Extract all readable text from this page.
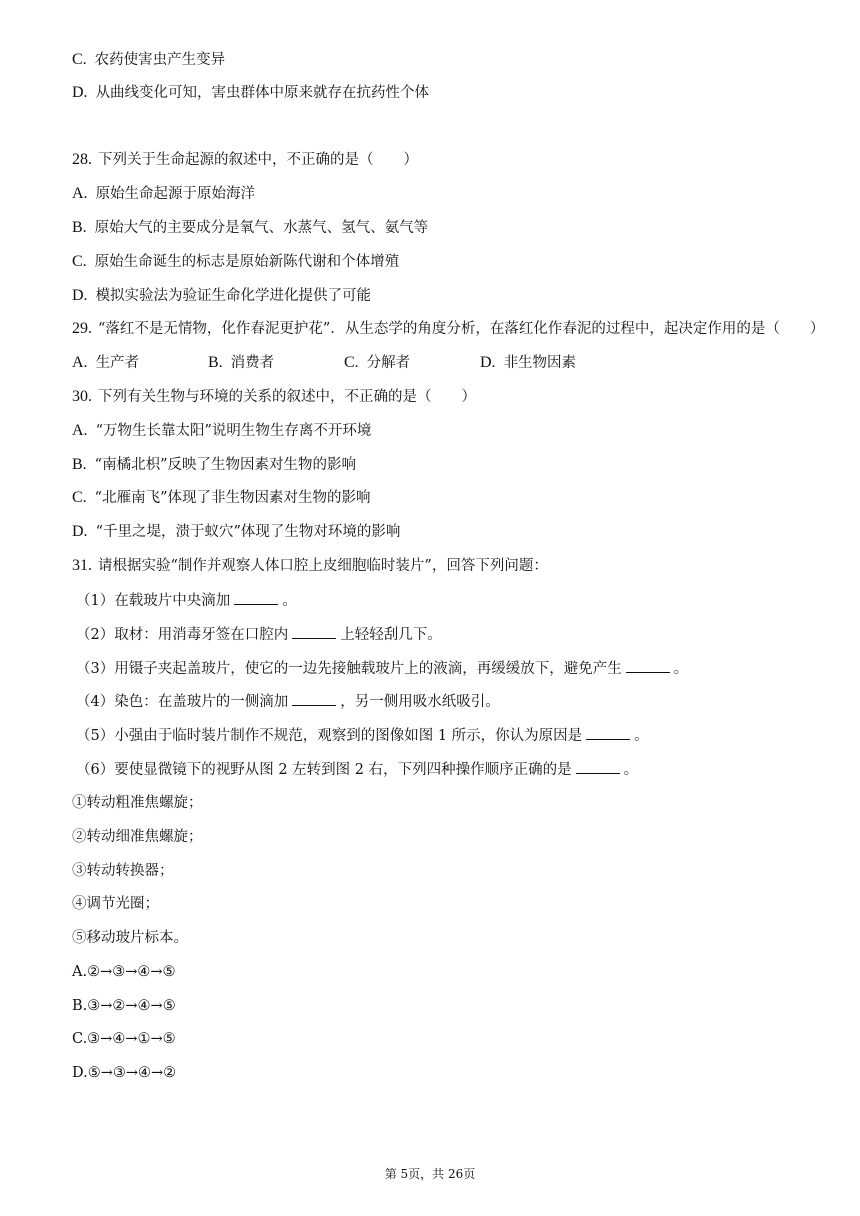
C. 农药使害虫产生变异
D. 从曲线变化可知，害虫群体中原来就存在抗药性个体
28. 下列关于生命起源的叙述中，不正确的是（ ）
A. 原始生命起源于原始海洋
B. 原始大气的主要成分是氧气、水蒸气、氢气、氨气等
C. 原始生命诞生的标志是原始新陈代谢和个体增殖
D. 模拟实验法为验证生命化学进化提供了可能
29. “落红不是无情物，化作春泥更护花”．从生态学的角度分析，在落红化作春泥的过程中，起决定作用的是（ ）
A. 生产者	B. 消费者	C. 分解者	D. 非生物因素
30. 下列有关生物与环境的关系的叙述中，不正确的是（ ）
A. “万物生长靠太阳”说明生物生存离不开环境
B. “南橘北枳”反映了生物因素对生物的影响
C. “北雁南飞”体现了非生物因素对生物的影响
D. “千里之堤，溃于蚁穴”体现了生物对环境的影响
31. 请根据实验“制作并观察人体口腔上皮细胞临时装片”，回答下列问题：
（1）在载玻片中央滴加	。
（2）取材：用消毒牙签在口腔内	上轻轻刮几下。
（3）用镊子夹起盖玻片，使它的一边先接触载玻片上的液滴，再缓缓放下，避免产生	。
（4）染色：在盖玻片的一侧滴加	，另一侧用吸水纸吸引。
（5）小强由于临时装片制作不规范，观察到的图像如图 1 所示，你认为原因是	。
（6）要使显微镜下的视野从图 2 左转到图 2 右，下列四种操作顺序正确的是	。
①转动粗准焦螺旋；
②转动细准焦螺旋；
③转动转换器；
④调节光圈；
⑤移动玻片标本。
A.②→③→④→⑤
B.③→②→④→⑤
C.③→④→①→⑤
D.⑤→③→④→②
第 5页，共 26页
